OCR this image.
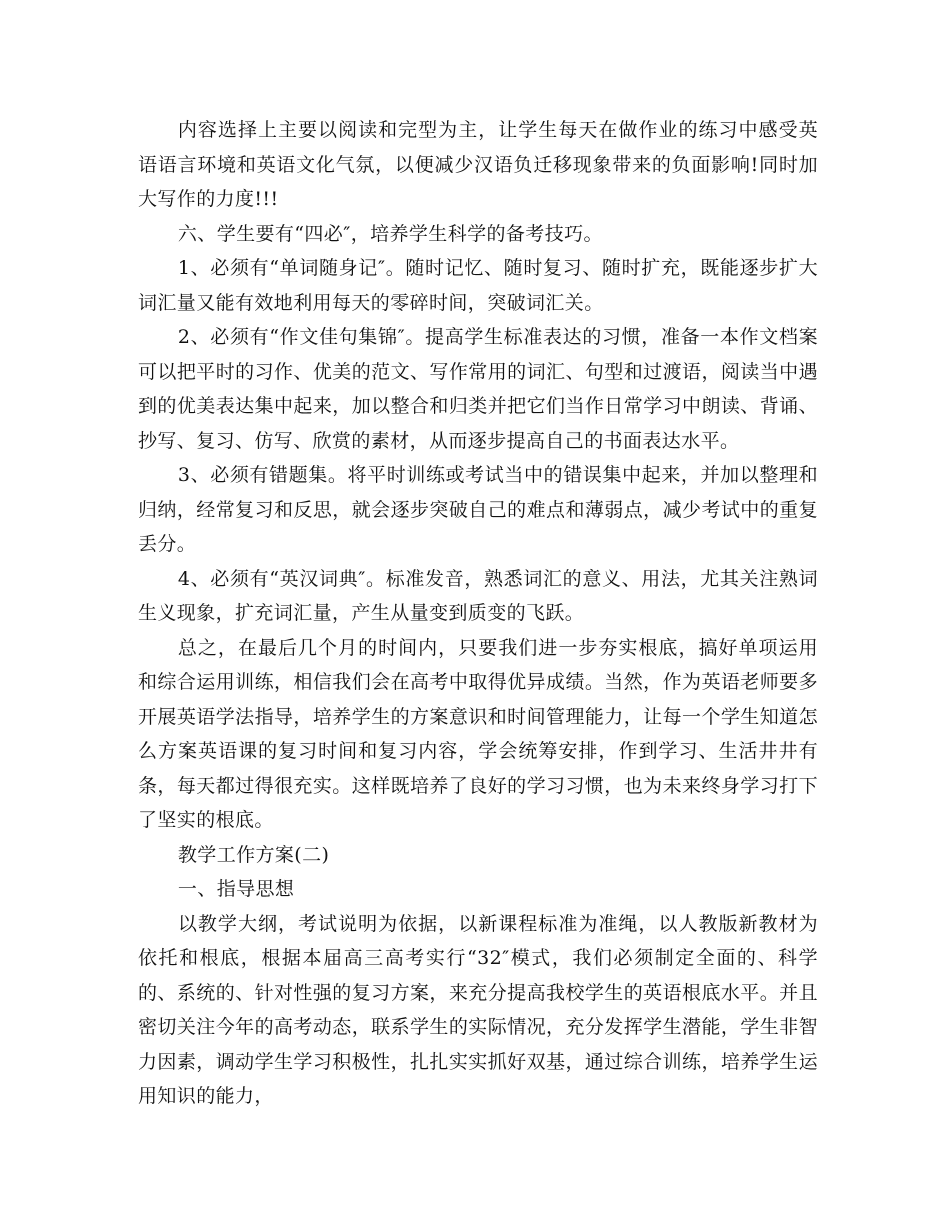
内容选择上主要以阅读和完型为主，让学生每天在做作业的练习中感受英语语言环境和英语文化气氛，以便减少汉语负迁移现象带来的负面影响!同时加大写作的力度!!!

六、学生要有“四必″，培养学生科学的备考技巧。

1、必须有“单词随身记″。随时记忆、随时复习、随时扩充，既能逐步扩大词汇量又能有效地利用每天的零碎时间，突破词汇关。

2、必须有“作文佳句集锦″。提高学生标准表达的习惯，准备一本作文档案可以把平时的习作、优美的范文、写作常用的词汇、句型和过渡语，阅读当中遇到的优美表达集中起来，加以整合和归类并把它们当作日常学习中朗读、背诵、抄写、复习、仿写、欣赏的素材，从而逐步提高自己的书面表达水平。

3、必须有错题集。将平时训练或考试当中的错误集中起来，并加以整理和归纳，经常复习和反思，就会逐步突破自己的难点和薄弱点，减少考试中的重复丢分。

4、必须有“英汉词典″。标准发音，熟悉词汇的意义、用法，尤其关注熟词生义现象，扩充词汇量，产生从量变到质变的飞跃。

总之，在最后几个月的时间内，只要我们进一步夯实根底，搞好单项运用和综合运用训练，相信我们会在高考中取得优异成绩。当然，作为英语老师要多开展英语学法指导，培养学生的方案意识和时间管理能力，让每一个学生知道怎么方案英语课的复习时间和复习内容，学会统筹安排，作到学习、生活井井有条，每天都过得很充实。这样既培养了良好的学习习惯，也为未来终身学习打下了坚实的根底。

教学工作方案(二)

一、指导思想

以教学大纲，考试说明为依据，以新课程标准为准绳，以人教版新教材为依托和根底，根据本届高三高考实行“32″模式，我们必须制定全面的、科学的、系统的、针对性强的复习方案，来充分提高我校学生的英语根底水平。并且密切关注今年的高考动态，联系学生的实际情况，充分发挥学生潜能，学生非智力因素，调动学生学习积极性，扎扎实实抓好双基，通过综合训练，培养学生运用知识的能力，
